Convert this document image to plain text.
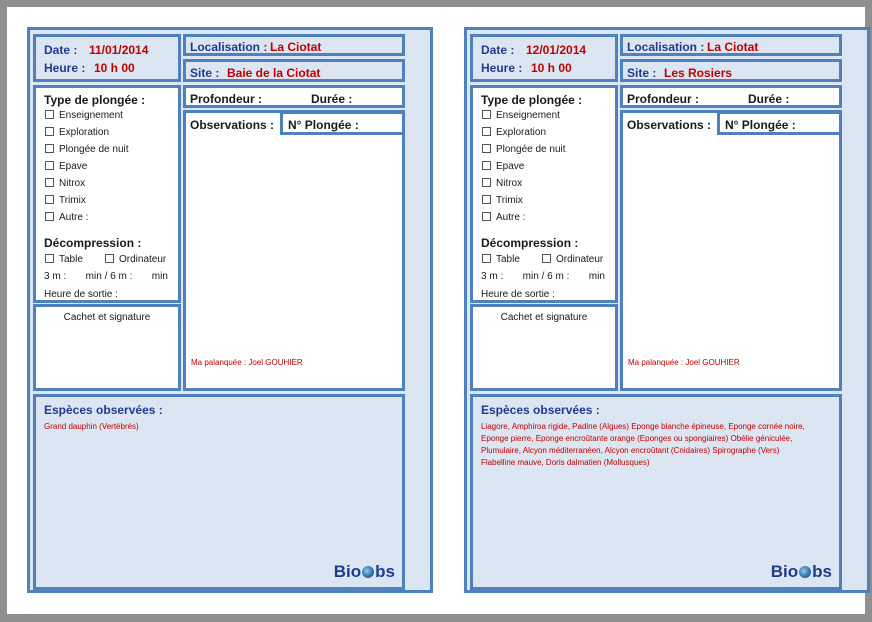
Date : 11/01/2014
Heure : 10 h 00
Localisation : La Ciotat
Site : Baie de la Ciotat
Type de plongée :
Enseignement
Exploration
Plongée de nuit
Epave
Nitrox
Trimix
Autre :
Décompression :
Table	Ordinateur
3 m :       min / 6 m :       min
Heure de sortie :
Cachet et signature
Profondeur :	Durée :
Observations : N° Plongée :
Ma palanquée : Joel GOUHIER
Espèces observées :
Grand dauphin (Vertébrés)
Bio bs
Date : 12/01/2014
Heure : 10 h 00
Localisation : La Ciotat
Site : Les Rosiers
Type de plongée :
Enseignement
Exploration
Plongée de nuit
Epave
Nitrox
Trimix
Autre :
Décompression :
Table	Ordinateur
3 m :       min / 6 m :       min
Heure de sortie :
Cachet et signature
Profondeur :	Durée :
Observations : N° Plongée :
Ma palanquée : Joel GOUHIER
Espèces observées :
Liagore, Amphiroa rigide, Padine (Algues) Eponge blanche épineuse, Eponge cornée noire,
Eponge pierre, Eponge encroûtante orange (Eponges ou spongiaires) Obélie géniculée,
Plumulaire, Alcyon méditerranéen, Alcyon encroûtant (Cnidaires) Spirographe (Vers)
Flabelline mauve, Doris dalmatien (Mollusques)
Bio bs
